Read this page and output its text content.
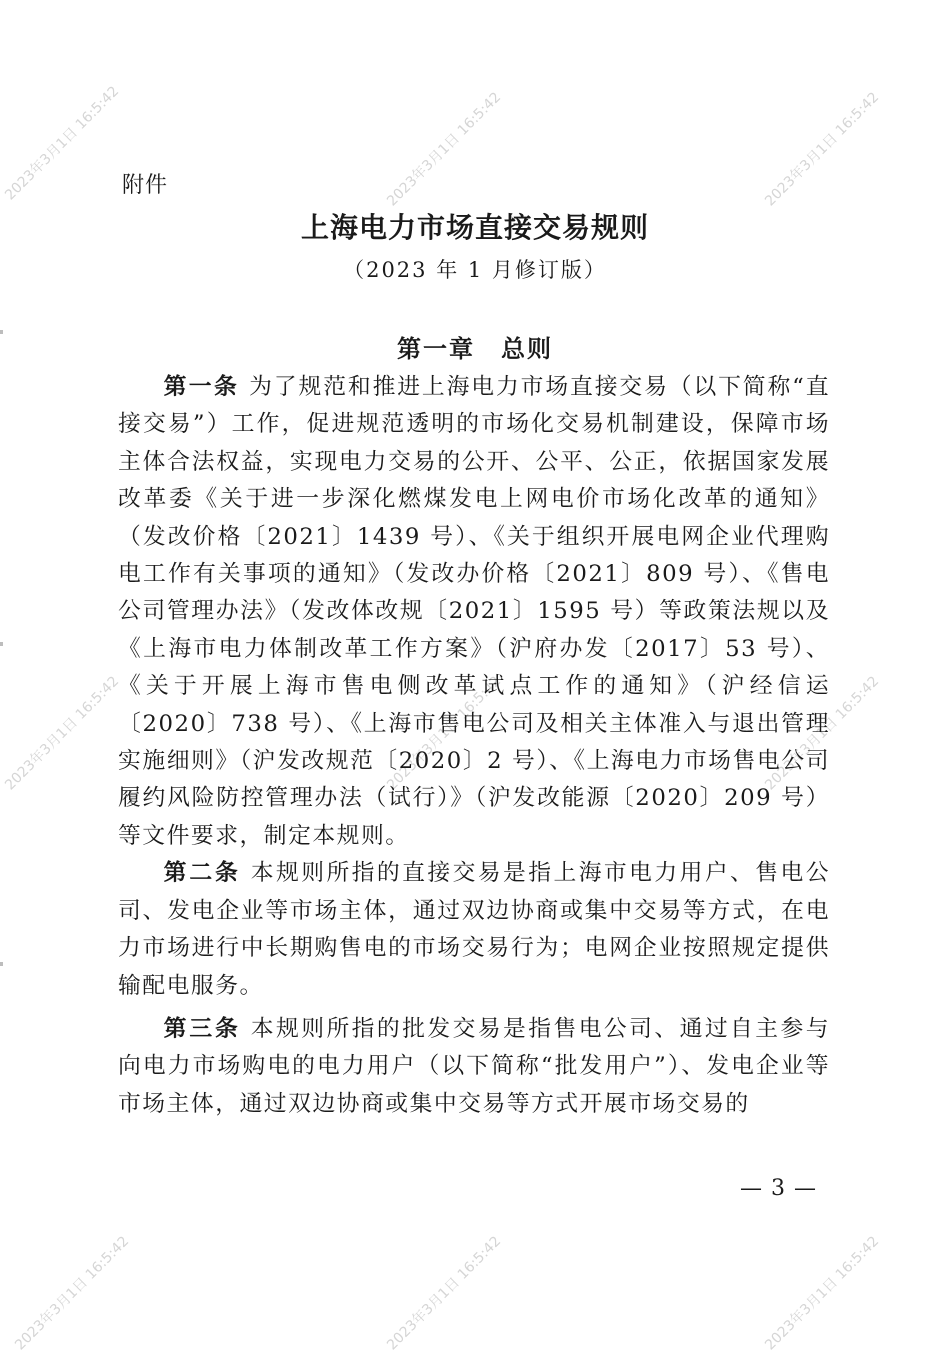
2023年3月1日 16:5:42	2023年3月1日 16:5:42	2023年3月1日 16:5:42
2023年3月1日 16:5:42	2023年3月1日 16:5:42	2023年3月1日 16:5:42
2023年3月1日 16:5:42	2023年3月1日 16:5:42	2023年3月1日 16:5:42
附件
上海电力市场直接交易规则
（2023 年 1 月修订版）
第一章　总则

第一条 为了规范和推进上海电力市场直接交易（以下简称“直接交易”）工作，促进规范透明的市场化交易机制建设，保障市场主体合法权益，实现电力交易的公开、公平、公正，依据国家发展改革委《关于进一步深化燃煤发电上网电价市场化改革的通知》（发改价格〔2021〕1439 号）、《关于组织开展电网企业代理购电工作有关事项的通知》（发改办价格〔2021〕809 号）、《售电公司管理办法》（发改体改规〔2021〕1595 号）等政策法规以及《上海市电力体制改革工作方案》（沪府办发〔2017〕53 号）、《关于开展上海市售电侧改革试点工作的通知》（沪经信运〔2020〕738 号）、《上海市售电公司及相关主体准入与退出管理实施细则》（沪发改规范〔2020〕2 号）、《上海电力市场售电公司履约风险防控管理办法（试行）》（沪发改能源〔2020〕209 号）等文件要求，制定本规则。

第二条 本规则所指的直接交易是指上海市电力用户、售电公司、发电企业等市场主体，通过双边协商或集中交易等方式，在电力市场进行中长期购售电的市场交易行为；电网企业按照规定提供输配电服务。

第三条 本规则所指的批发交易是指售电公司、通过自主参与向电力市场购电的电力用户（以下简称“批发用户”）、发电企业等市场主体，通过双边协商或集中交易等方式开展市场交易的

— 3 —
